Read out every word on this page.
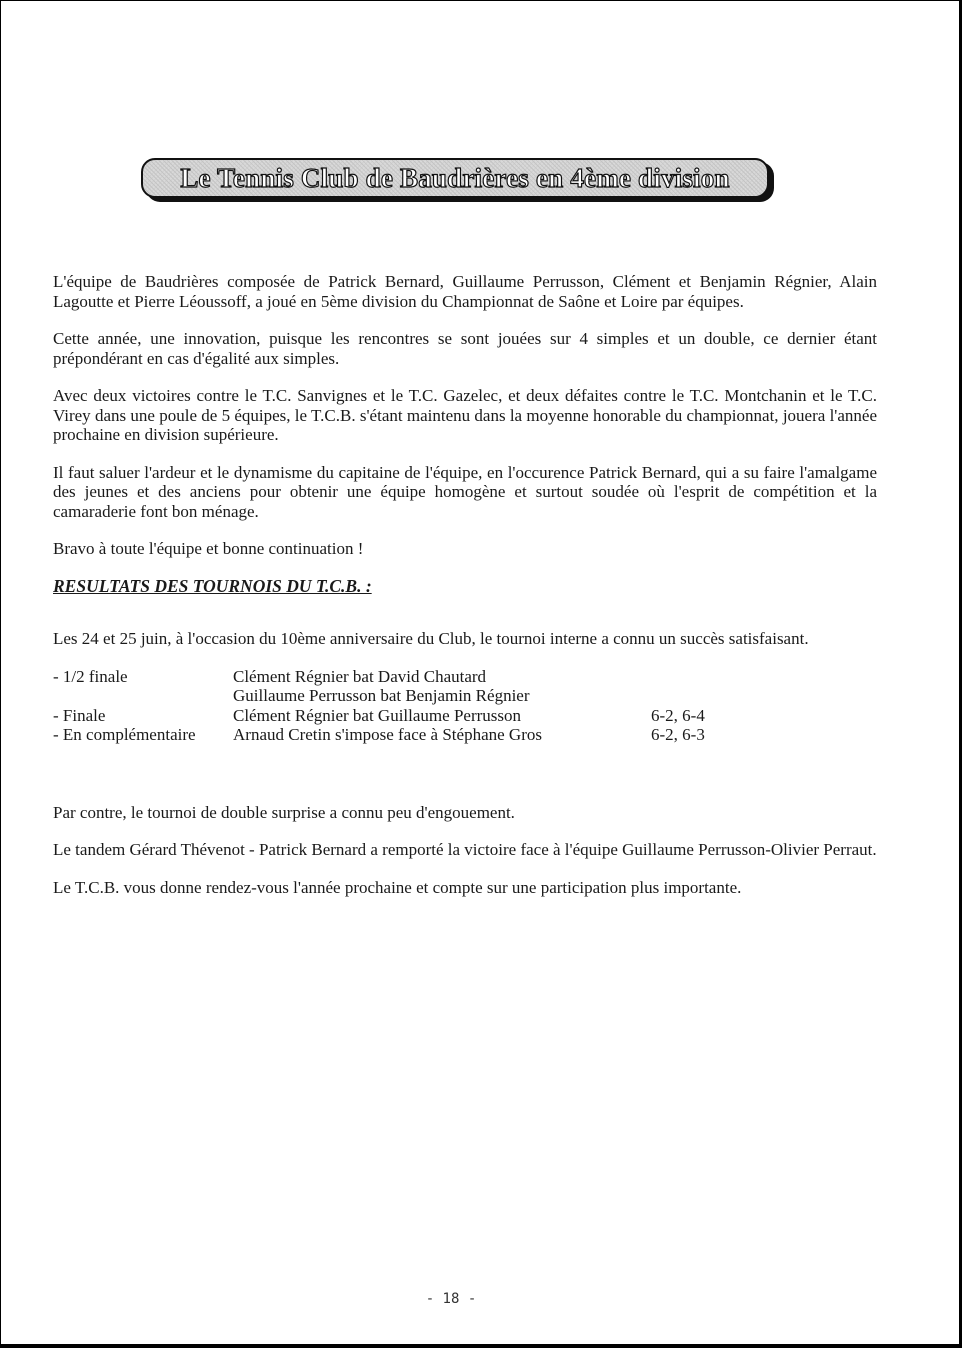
Le Tennis Club de Baudrières en 4ème division

L'équipe de Baudrières composée de Patrick Bernard, Guillaume Perrusson, Clément et Benjamin Régnier, Alain Lagoutte et Pierre Léoussoff, a joué en 5ème division du Championnat de Saône et Loire par équipes.

Cette année, une innovation, puisque les rencontres se sont jouées sur 4 simples et un double, ce dernier étant prépondérant en cas d'égalité aux simples.

Avec deux victoires contre le T.C. Sanvignes et le T.C. Gazelec, et deux défaites contre le T.C. Montchanin et le T.C. Virey dans une poule de 5 équipes, le T.C.B. s'étant maintenu dans la moyenne honorable du championnat, jouera l'année prochaine en division supérieure.

Il faut saluer l'ardeur et le dynamisme du capitaine de l'équipe, en l'occurence Patrick Bernard, qui a su faire l'amalgame des jeunes et des anciens pour obtenir une équipe homogène et surtout soudée où l'esprit de compétition et la camaraderie font bon ménage.

Bravo à toute l'équipe et bonne continuation !

RESULTATS DES TOURNOIS DU T.C.B. :

Les 24 et 25 juin, à l'occasion du 10ème anniversaire du Club, le tournoi interne a connu un succès satisfaisant.

- 1/2 finale	Clément Régnier bat David Chautard	
	Guillaume Perrusson bat Benjamin Régnier	
- Finale	Clément Régnier bat Guillaume Perrusson	6-2, 6-4
- En complémentaire	Arnaud Cretin s'impose face à Stéphane Gros	6-2, 6-3

Par contre, le tournoi de double surprise a connu peu d'engouement.

Le tandem Gérard Thévenot - Patrick Bernard a remporté la victoire face à l'équipe Guillaume Perrusson-Olivier Perraut.

Le T.C.B. vous donne rendez-vous l'année prochaine et compte sur une participation plus importante.

- 18 -
